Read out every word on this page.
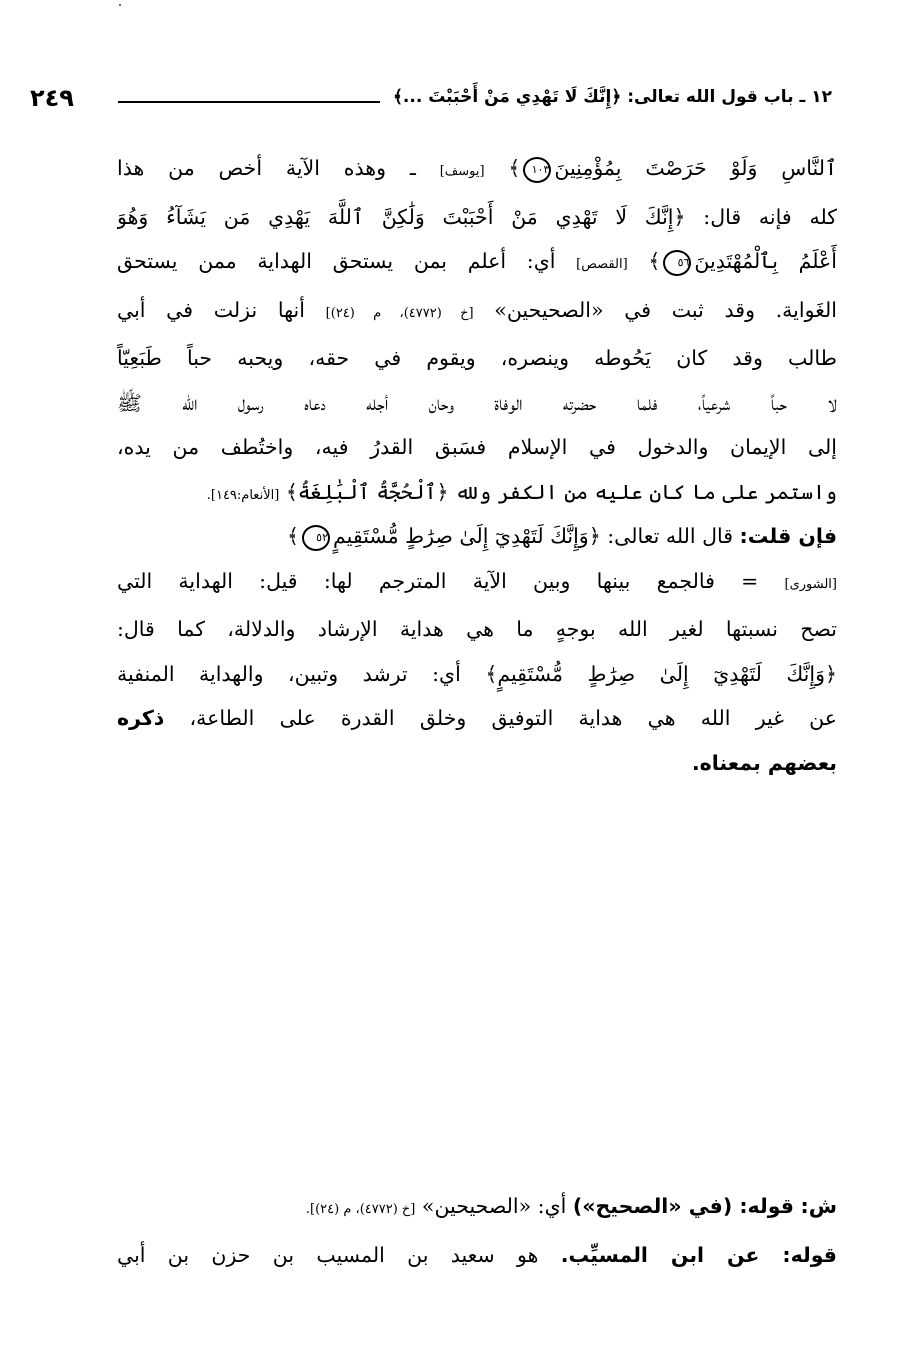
٢٤٩	١٢ ـ باب قول الله تعالى: ﴿إِنَّكَ لَا تَهْدِي مَنْ أَحْبَبْتَ ...﴾
ٱلنَّاسِ وَلَوْ حَرَصْتَ بِمُؤْمِنِينَ١٠٣﴾ [يوسف] ـ وهذه الآية أخص من هذا
كله فإنه قال: ﴿إِنَّكَ لَا تَهْدِي مَنْ أَحْبَبْتَ وَلَٰكِنَّ ٱللَّهَ يَهْدِي مَن يَشَآءُ وَهُوَ
أَعْلَمُ بِٱلْمُهْتَدِينَ٥٦﴾ [القصص] أي: أعلم بمن يستحق الهداية ممن يستحق
الغَواية. وقد ثبت في «الصحيحين» [خ (٤٧٧٢)، م (٢٤)] أنها نزلت في أبي
طالب وقد كان يَحُوطه وينصره، ويقوم في حقه، ويحبه حباً طَبَعِيّاً
لا حباً شرعياً، فلما حضرته الوفاة وحان أجله دعاه رسول الله ﷺ
إلى الإيمان والدخول في الإسلام فسَبق القدرُ فيه، واختُطف من يده،
واستمر على ما كان عليه من الكفر ولله ﴿ٱلْحُجَّةُ ٱلْبَٰلِغَةُ﴾ [الأنعام:١٤٩].
فإن قلت: قال الله تعالى: ﴿وَإِنَّكَ لَتَهْدِيٓ إِلَىٰ صِرَٰطٍ مُّسْتَقِيمٍ٥٢﴾
[الشورى] = فالجمع بينها وبين الآية المترجم لها: قيل: الهداية التي
تصح نسبتها لغير الله بوجهٍ ما هي هداية الإرشاد والدلالة، كما قال:
﴿وَإِنَّكَ لَتَهْدِيٓ إِلَىٰ صِرَٰطٍ مُّسْتَقِيمٍ﴾ أي: ترشد وتبين، والهداية المنفية
عن غير الله هي هداية التوفيق وخلق القدرة على الطاعة، ذكره
بعضهم بمعناه.
ش: قوله: (في «الصحيح») أي: «الصحيحين» [خ (٤٧٧٢)، م (٢٤)].
قوله: عن ابن المسيِّب. هو سعيد بن المسيب بن حزن بن أبي
